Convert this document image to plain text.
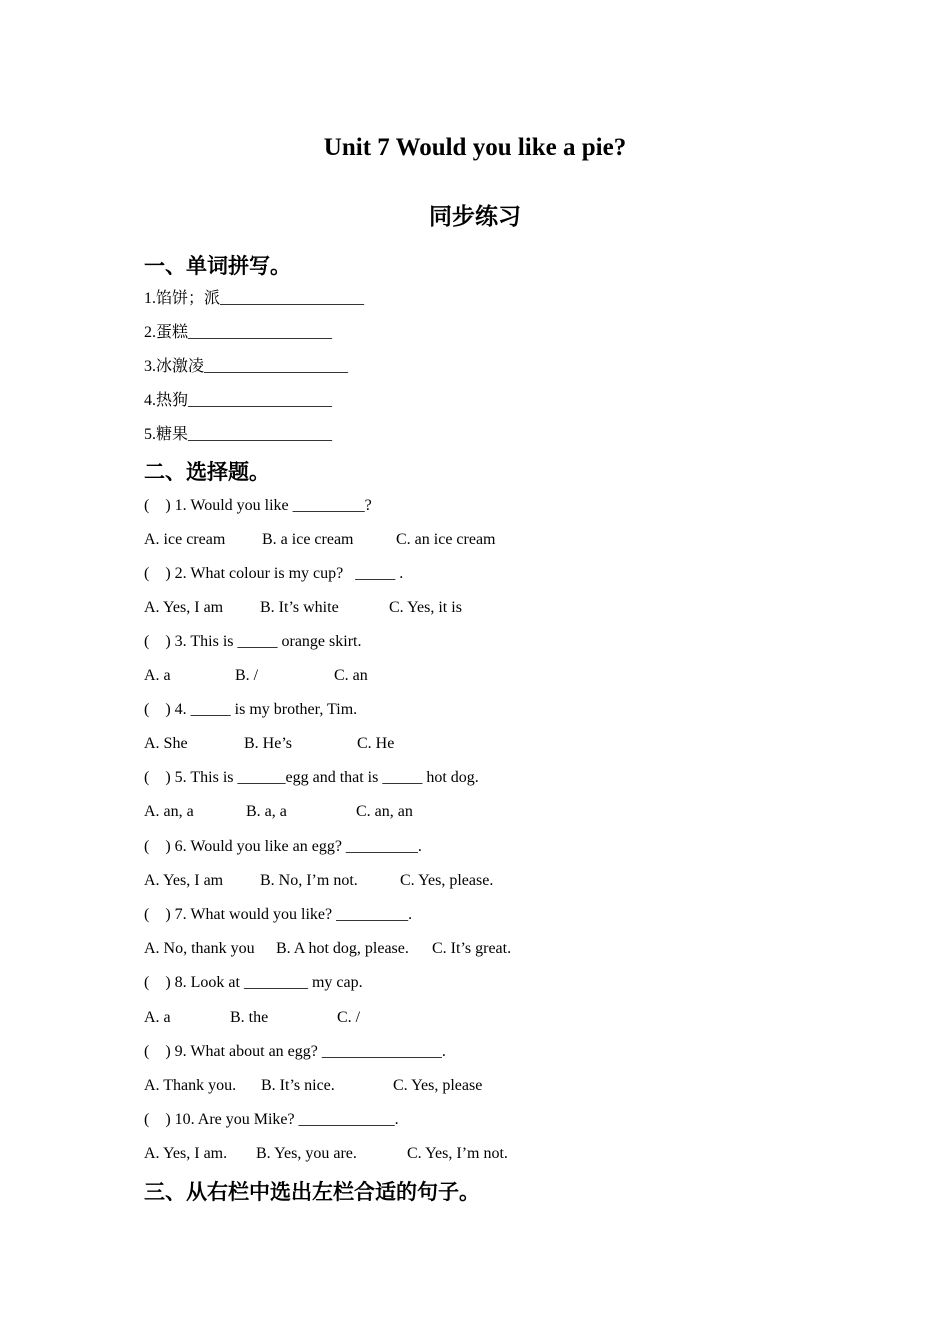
Unit 7 Would you like a pie?
同步练习
一、单词拼写。
1.馅饼；派__________________
2.蛋糕__________________
3.冰激凌__________________
4.热狗__________________
5.糖果__________________
二、选择题。
(    ) 1. Would you like _________?
A. ice cream B. a ice cream	C. an ice cream
(    ) 2. What colour is my cup?   _____ .
A. Yes, I am B. It’s white	C. Yes, it is
(    ) 3. This is _____ orange skirt.
A. a	B. /	C. an
(    ) 4. _____ is my brother, Tim.
A. She	B. He’s	C. He
(    ) 5. This is ______egg and that is _____ hot dog.
A. an, a	B. a, a	C. an, an
(    ) 6. Would you like an egg? _________.
A. Yes, I am B. No, I’m not.	C. Yes, please.
(    ) 7. What would you like? _________.
A. No, thank you B. A hot dog, please. C. It’s great.
(    ) 8. Look at ________ my cap.
A. a	B. the	C. /
(    ) 9. What about an egg? _______________.
A. Thank you. B. It’s nice.	C. Yes, please
(    ) 10. Are you Mike? ____________.
A. Yes, I am. B. Yes, you are.	C. Yes, I’m not.
三、从右栏中选出左栏合适的句子。
